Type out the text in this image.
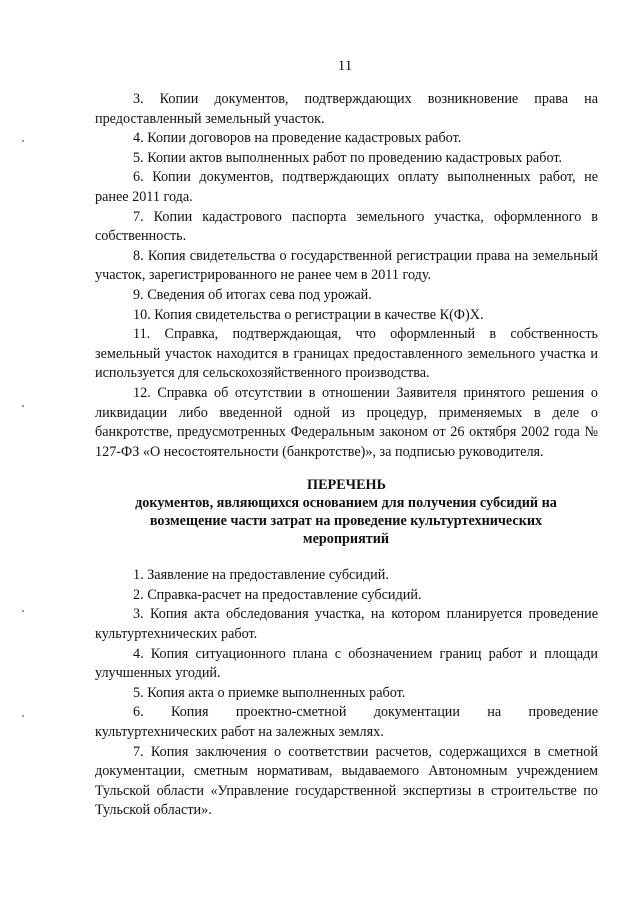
11

3. Копии документов, подтверждающих возникновение права на предоставленный земельный участок.

4. Копии договоров на проведение кадастровых работ.

5. Копии актов выполненных работ по проведению кадастровых работ.

6. Копии документов, подтверждающих оплату выполненных работ, не ранее 2011 года.

7. Копии кадастрового паспорта земельного участка, оформленного в собственность.

8. Копия свидетельства о государственной регистрации права на земельный участок, зарегистрированного не ранее чем в 2011 году.

9. Сведения об итогах сева под урожай.

10. Копия свидетельства о регистрации в качестве К(Ф)Х.

11. Справка, подтверждающая, что оформленный в собственность земельный участок находится в границах предоставленного земельного участка и используется для сельскохозяйственного производства.

12. Справка об отсутствии в отношении Заявителя принятого решения о ликвидации либо введенной одной из процедур, применяемых в деле о банкротстве, предусмотренных Федеральным законом от 26 октября 2002 года № 127-ФЗ «О несостоятельности (банкротстве)», за подписью руководителя.

ПЕРЕЧЕНЬ

документов, являющихся основанием для получения субсидий на возмещение части затрат на проведение культуртехнических мероприятий

1. Заявление на предоставление субсидий.

2. Справка-расчет на предоставление субсидий.

3. Копия акта обследования участка, на котором планируется проведение культуртехнических работ.

4. Копия ситуационного плана с обозначением границ работ и площади улучшенных угодий.

5. Копия акта о приемке выполненных работ.

6. Копия проектно-сметной документации на проведение культуртехнических работ на залежных землях.

7. Копия заключения о соответствии расчетов, содержащихся в сметной документации, сметным нормативам, выдаваемого Автономным учреждением Тульской области «Управление государственной экспертизы в строительстве по Тульской области».
